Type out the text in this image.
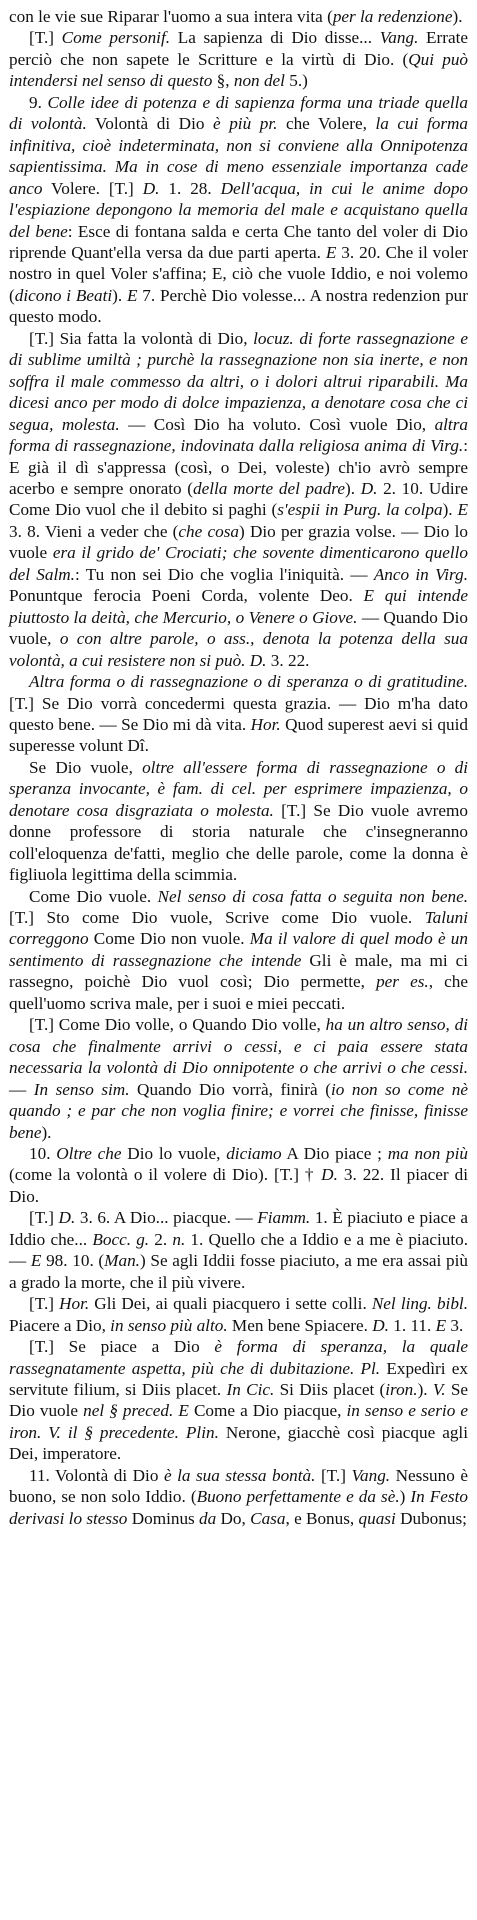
con le vie sue Riparar l'uomo a sua intera vita (per la redenzione).

[T.] Come personif. La sapienza di Dio disse... Vang. Errate perciò che non sapete le Scritture e la virtù di Dio. (Qui può intendersi nel senso di questo §, non del 5.)

9. Colle idee di potenza e di sapienza forma una triade quella di volontà. Volontà di Dio è più pr. che Volere, la cui forma infinitiva, cioè indeterminata, non si conviene alla Onnipotenza sapientissima. Ma in cose di meno essenziale importanza cade anco Volere. [T.] D. 1. 28. Dell'acqua, in cui le anime dopo l'espiazione depongono la memoria del male e acquistano quella del bene: Esce di fontana salda e certa Che tanto del voler di Dio riprende Quant'ella versa da due parti aperta. E 3. 20. Che il voler nostro in quel Voler s'affina; E, ciò che vuole Iddio, e noi volemo (dicono i Beati). E 7. Perchè Dio volesse... A nostra redenzion pur questo modo.

[T.] Sia fatta la volontà di Dio, locuz. di forte rassegnazione e di sublime umiltà ; purchè la rassegnazione non sia inerte, e non soffra il male commesso da altri, o i dolori altrui riparabili. Ma dicesi anco per modo di dolce impazienza, a denotare cosa che ci segua, molesta. — Così Dio ha voluto. Così vuole Dio, altra forma di rassegnazione, indovinata dalla religiosa anima di Virg.: E già il dì s'appressa (così, o Dei, voleste) ch'io avrò sempre acerbo e sempre onorato (della morte del padre). D. 2. 10. Udire Come Dio vuol che il debito si paghi (s'espii in Purg. la colpa). E 3. 8. Vieni a veder che (che cosa) Dio per grazia volse. — Dio lo vuole era il grido de' Crociati; che sovente dimenticarono quello del Salm.: Tu non sei Dio che voglia l'iniquità. — Anco in Virg. Ponuntque ferocia Poeni Corda, volente Deo. E qui intende piuttosto la deità, che Mercurio, o Venere o Giove. — Quando Dio vuole, o con altre parole, o ass., denota la potenza della sua volontà, a cui resistere non si può. D. 3. 22.

Altra forma o di rassegnazione o di speranza o di gratitudine. [T.] Se Dio vorrà concedermi questa grazia. — Dio m'ha dato questo bene. — Se Dio mi dà vita. Hor. Quod superest aevi si quid superesse volunt Dî.

Se Dio vuole, oltre all'essere forma di rassegnazione o di speranza invocante, è fam. di cel. per esprimere impazienza, o denotare cosa disgraziata o molesta. [T.] Se Dio vuole avremo donne professore di storia naturale che c'insegneranno coll'eloquenza de'fatti, meglio che delle parole, come la donna è figliuola legittima della scimmia.

Come Dio vuole. Nel senso di cosa fatta o seguita non bene. [T.] Sto come Dio vuole, Scrive come Dio vuole. Taluni correggono Come Dio non vuole. Ma il valore di quel modo è un sentimento di rassegnazione che intende Gli è male, ma mi ci rassegno, poichè Dio vuol così; Dio permette, per es., che quell'uomo scriva male, per i suoi e miei peccati.

[T.] Come Dio volle, o Quando Dio volle, ha un altro senso, di cosa che finalmente arrivi o cessi, e ci paia essere stata necessaria la volontà di Dio onnipotente o che arrivi o che cessi. — In senso sim. Quando Dio vorrà, finirà (io non so come nè quando ; e par che non voglia finire; e vorrei che finisse, finisse bene).

10. Oltre che Dio lo vuole, diciamo A Dio piace ; ma non più (come la volontà o il volere di Dio). [T.] † D. 3. 22. Il piacer di Dio.

[T.] D. 3. 6. A Dio... piacque. — Fiamm. 1. È piaciuto e piace a Iddio che... Bocc. g. 2. n. 1. Quello che a Iddio e a me è piaciuto. — E 98. 10. (Man.) Se agli Iddii fosse piaciuto, a me era assai più a grado la morte, che il più vivere.

[T.] Hor. Gli Dei, ai quali piacquero i sette colli. Nel ling. bibl. Piacere a Dio, in senso più alto. Men bene Spiacere. D. 1. 11. E 3.

[T.] Se piace a Dio è forma di speranza, la quale rassegnatamente aspetta, più che di dubitazione. Pl. Expedìri ex servitute filium, si Diis placet. In Cic. Si Diis placet (iron.). V. Se Dio vuole nel § preced. E Come a Dio piacque, in senso e serio e iron. V. il § precedente. Plin. Nerone, giacchè così piacque agli Dei, imperatore.

11. Volontà di Dio è la sua stessa bontà. [T.] Vang. Nessuno è buono, se non solo Iddio. (Buono perfettamente e da sè.) In Festo derivasi lo stesso Dominus da Do, Casa, e Bonus, quasi Dubonus;
